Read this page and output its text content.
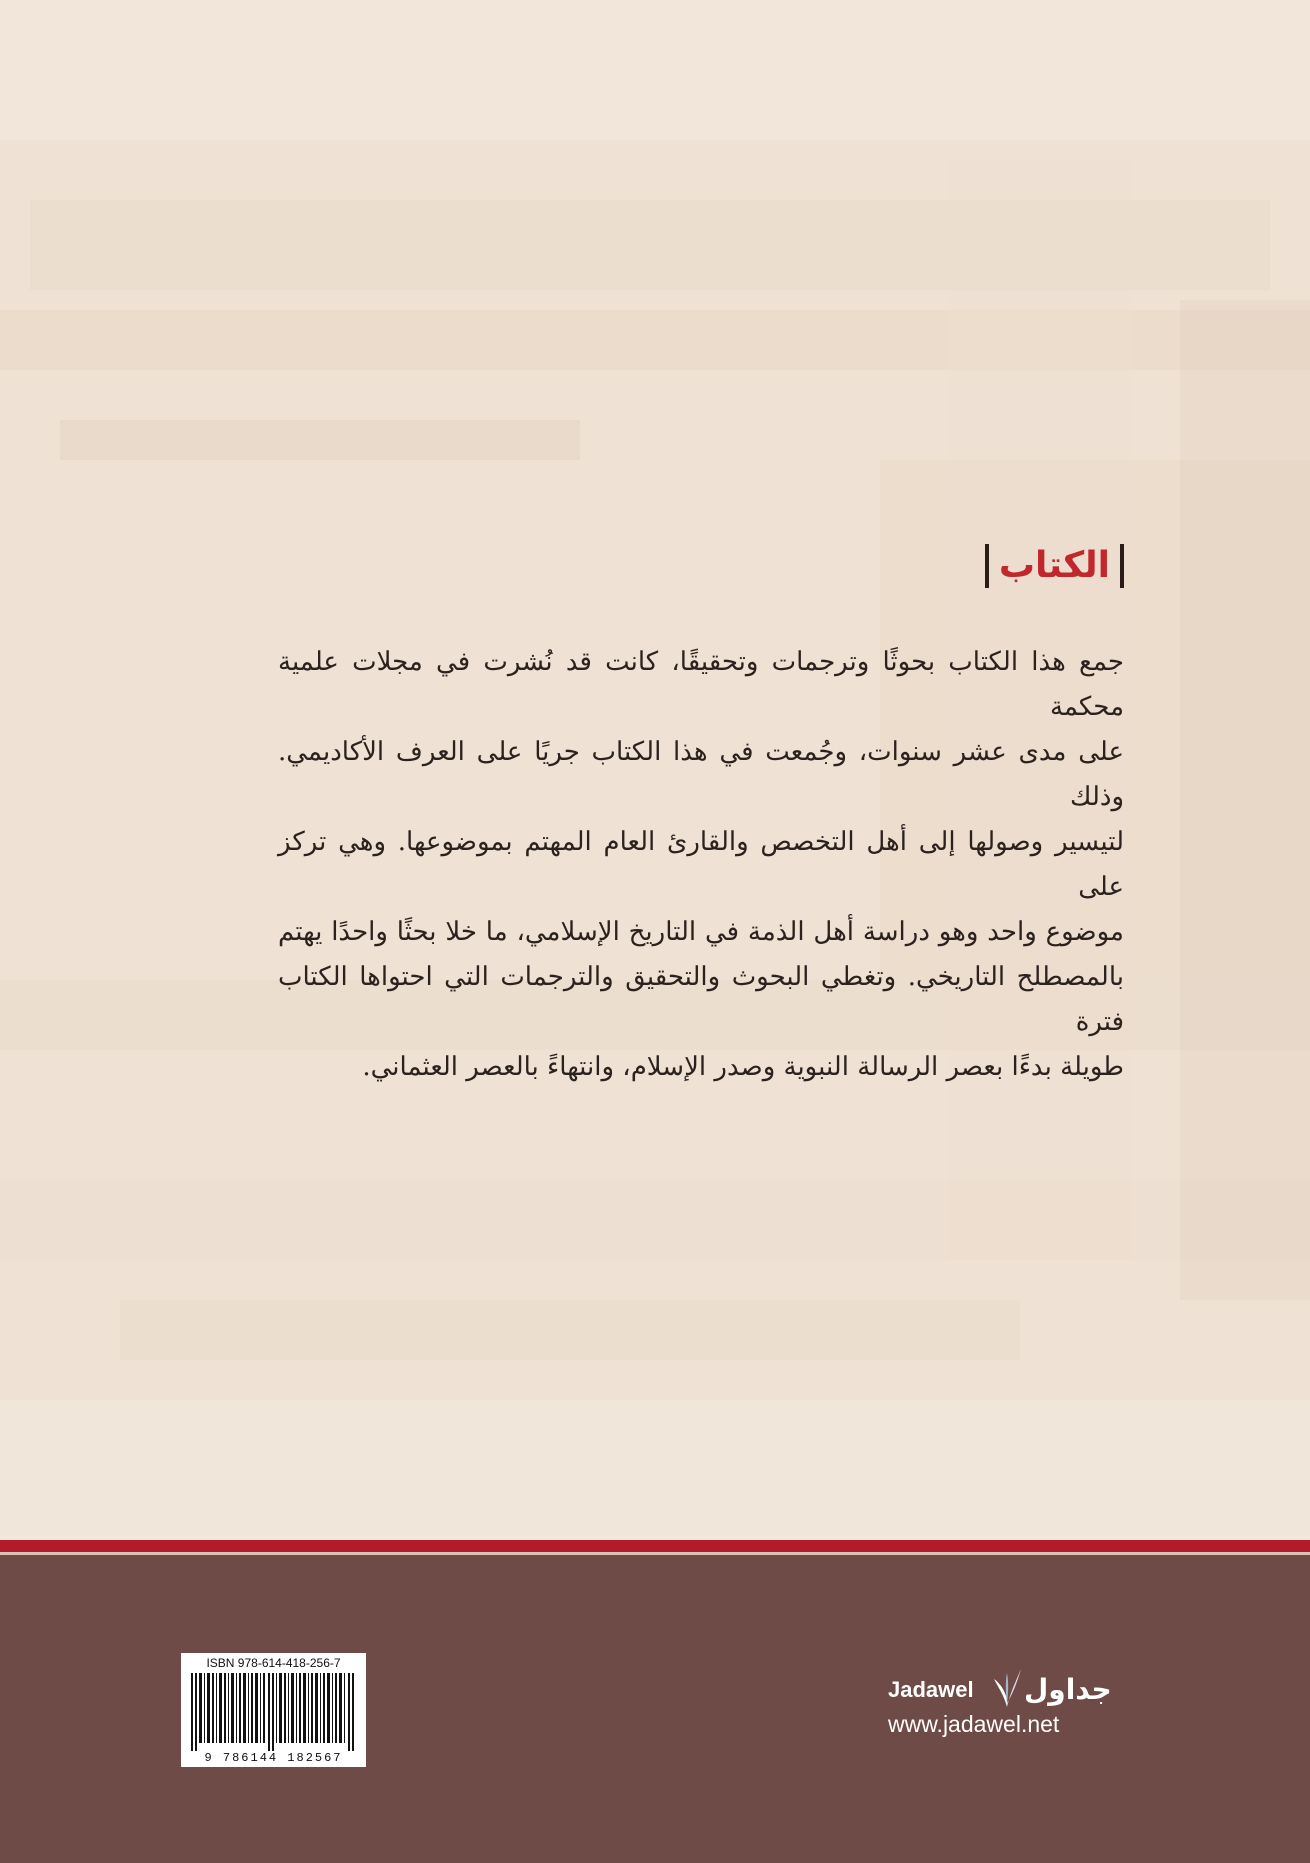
الكتاب
جمع هذا الكتاب بحوثًا وترجمات وتحقيقًا، كانت قد نُشرت في مجلات علمية محكمة
على مدى عشر سنوات، وجُمعت في هذا الكتاب جريًا على العرف الأكاديمي. وذلك
لتيسير وصولها إلى أهل التخصص والقارئ العام المهتم بموضوعها. وهي تركز على
موضوع واحد وهو دراسة أهل الذمة في التاريخ الإسلامي، ما خلا بحثًا واحدًا يهتم
بالمصطلح التاريخي. وتغطي البحوث والتحقيق والترجمات التي احتواها الكتاب فترة
طويلة بدءًا بعصر الرسالة النبوية وصدر الإسلام، وانتهاءً بالعصر العثماني.
ISBN 978-614-418-256-7
9 786144 182567
Jadawel جداول
www.jadawel.net
